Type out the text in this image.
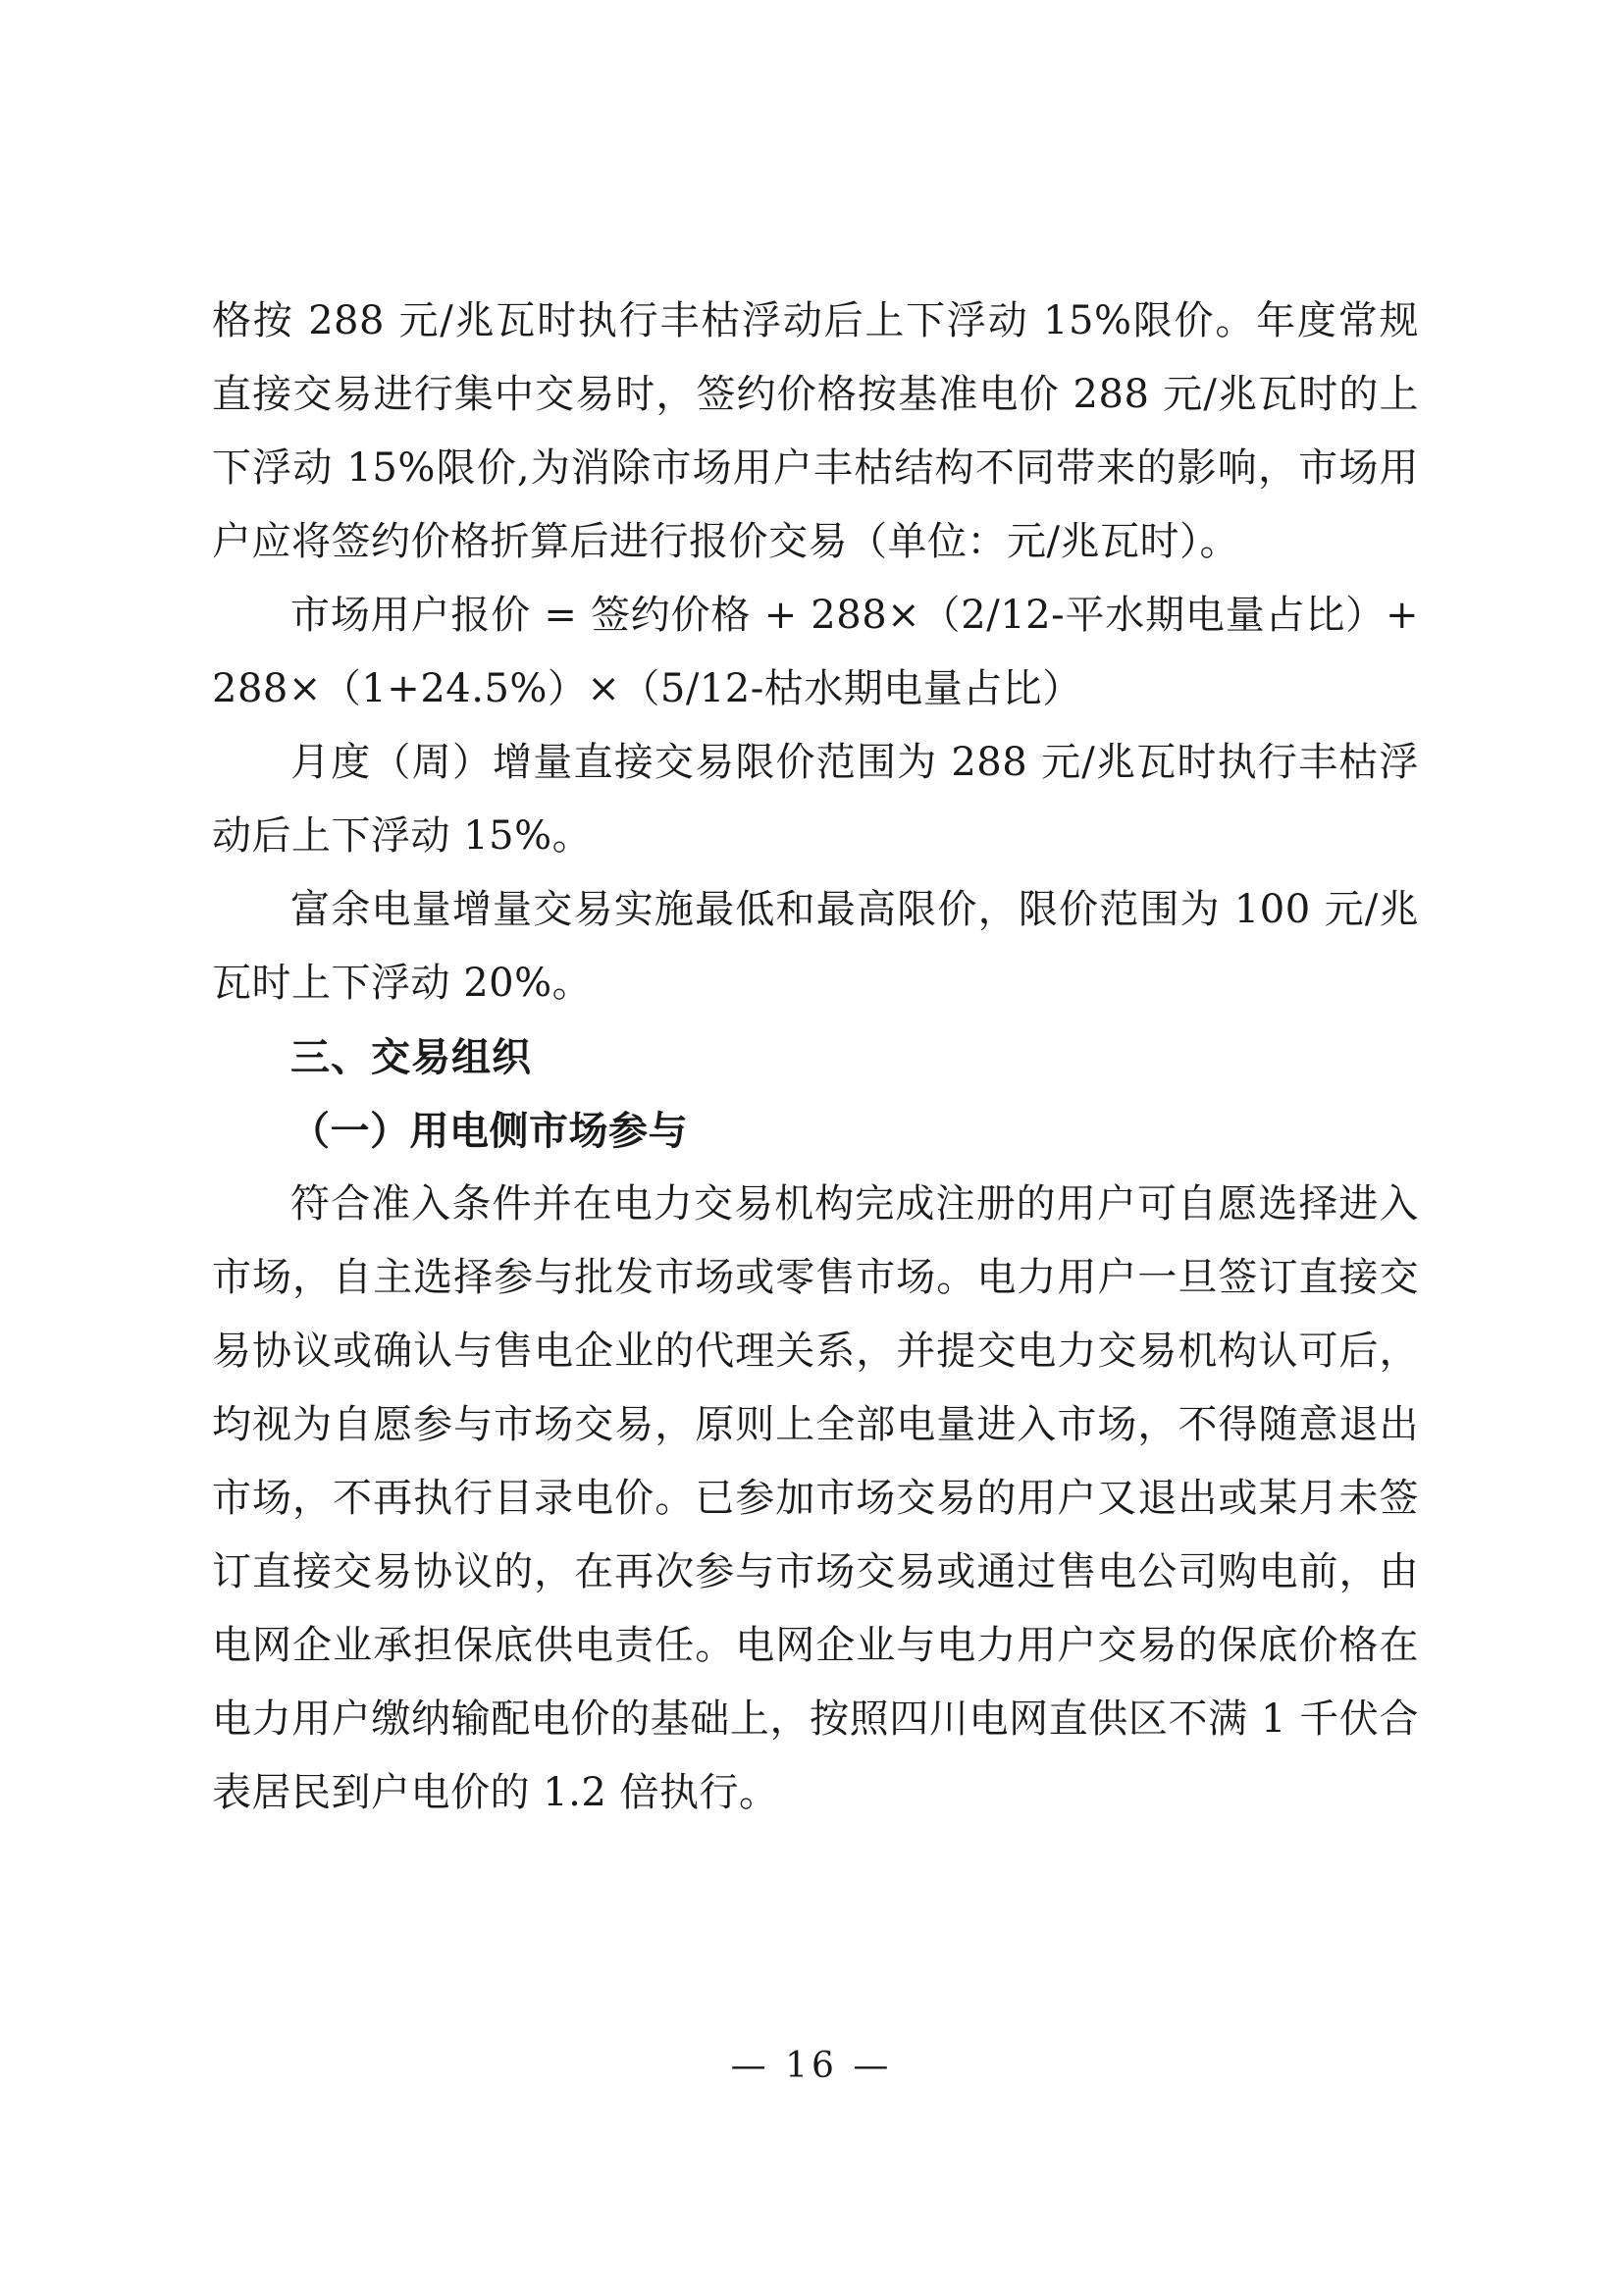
格按 288 元/兆瓦时执行丰枯浮动后上下浮动 15%限价。年度常规直接交易进行集中交易时，签约价格按基准电价 288 元/兆瓦时的上下浮动 15%限价,为消除市场用户丰枯结构不同带来的影响，市场用户应将签约价格折算后进行报价交易（单位：元/兆瓦时）。

市场用户报价 = 签约价格 + 288×（2/12-平水期电量占比）+ 288×（1+24.5%）×（5/12-枯水期电量占比）

月度（周）增量直接交易限价范围为 288 元/兆瓦时执行丰枯浮动后上下浮动 15%。

富余电量增量交易实施最低和最高限价，限价范围为 100 元/兆瓦时上下浮动 20%。

三、交易组织
（一）用电侧市场参与

符合准入条件并在电力交易机构完成注册的用户可自愿选择进入市场，自主选择参与批发市场或零售市场。电力用户一旦签订直接交易协议或确认与售电企业的代理关系，并提交电力交易机构认可后，均视为自愿参与市场交易，原则上全部电量进入市场，不得随意退出市场，不再执行目录电价。已参加市场交易的用户又退出或某月未签订直接交易协议的，在再次参与市场交易或通过售电公司购电前，由电网企业承担保底供电责任。电网企业与电力用户交易的保底价格在电力用户缴纳输配电价的基础上，按照四川电网直供区不满 1 千伏合表居民到户电价的 1.2 倍执行。

— 16 —
